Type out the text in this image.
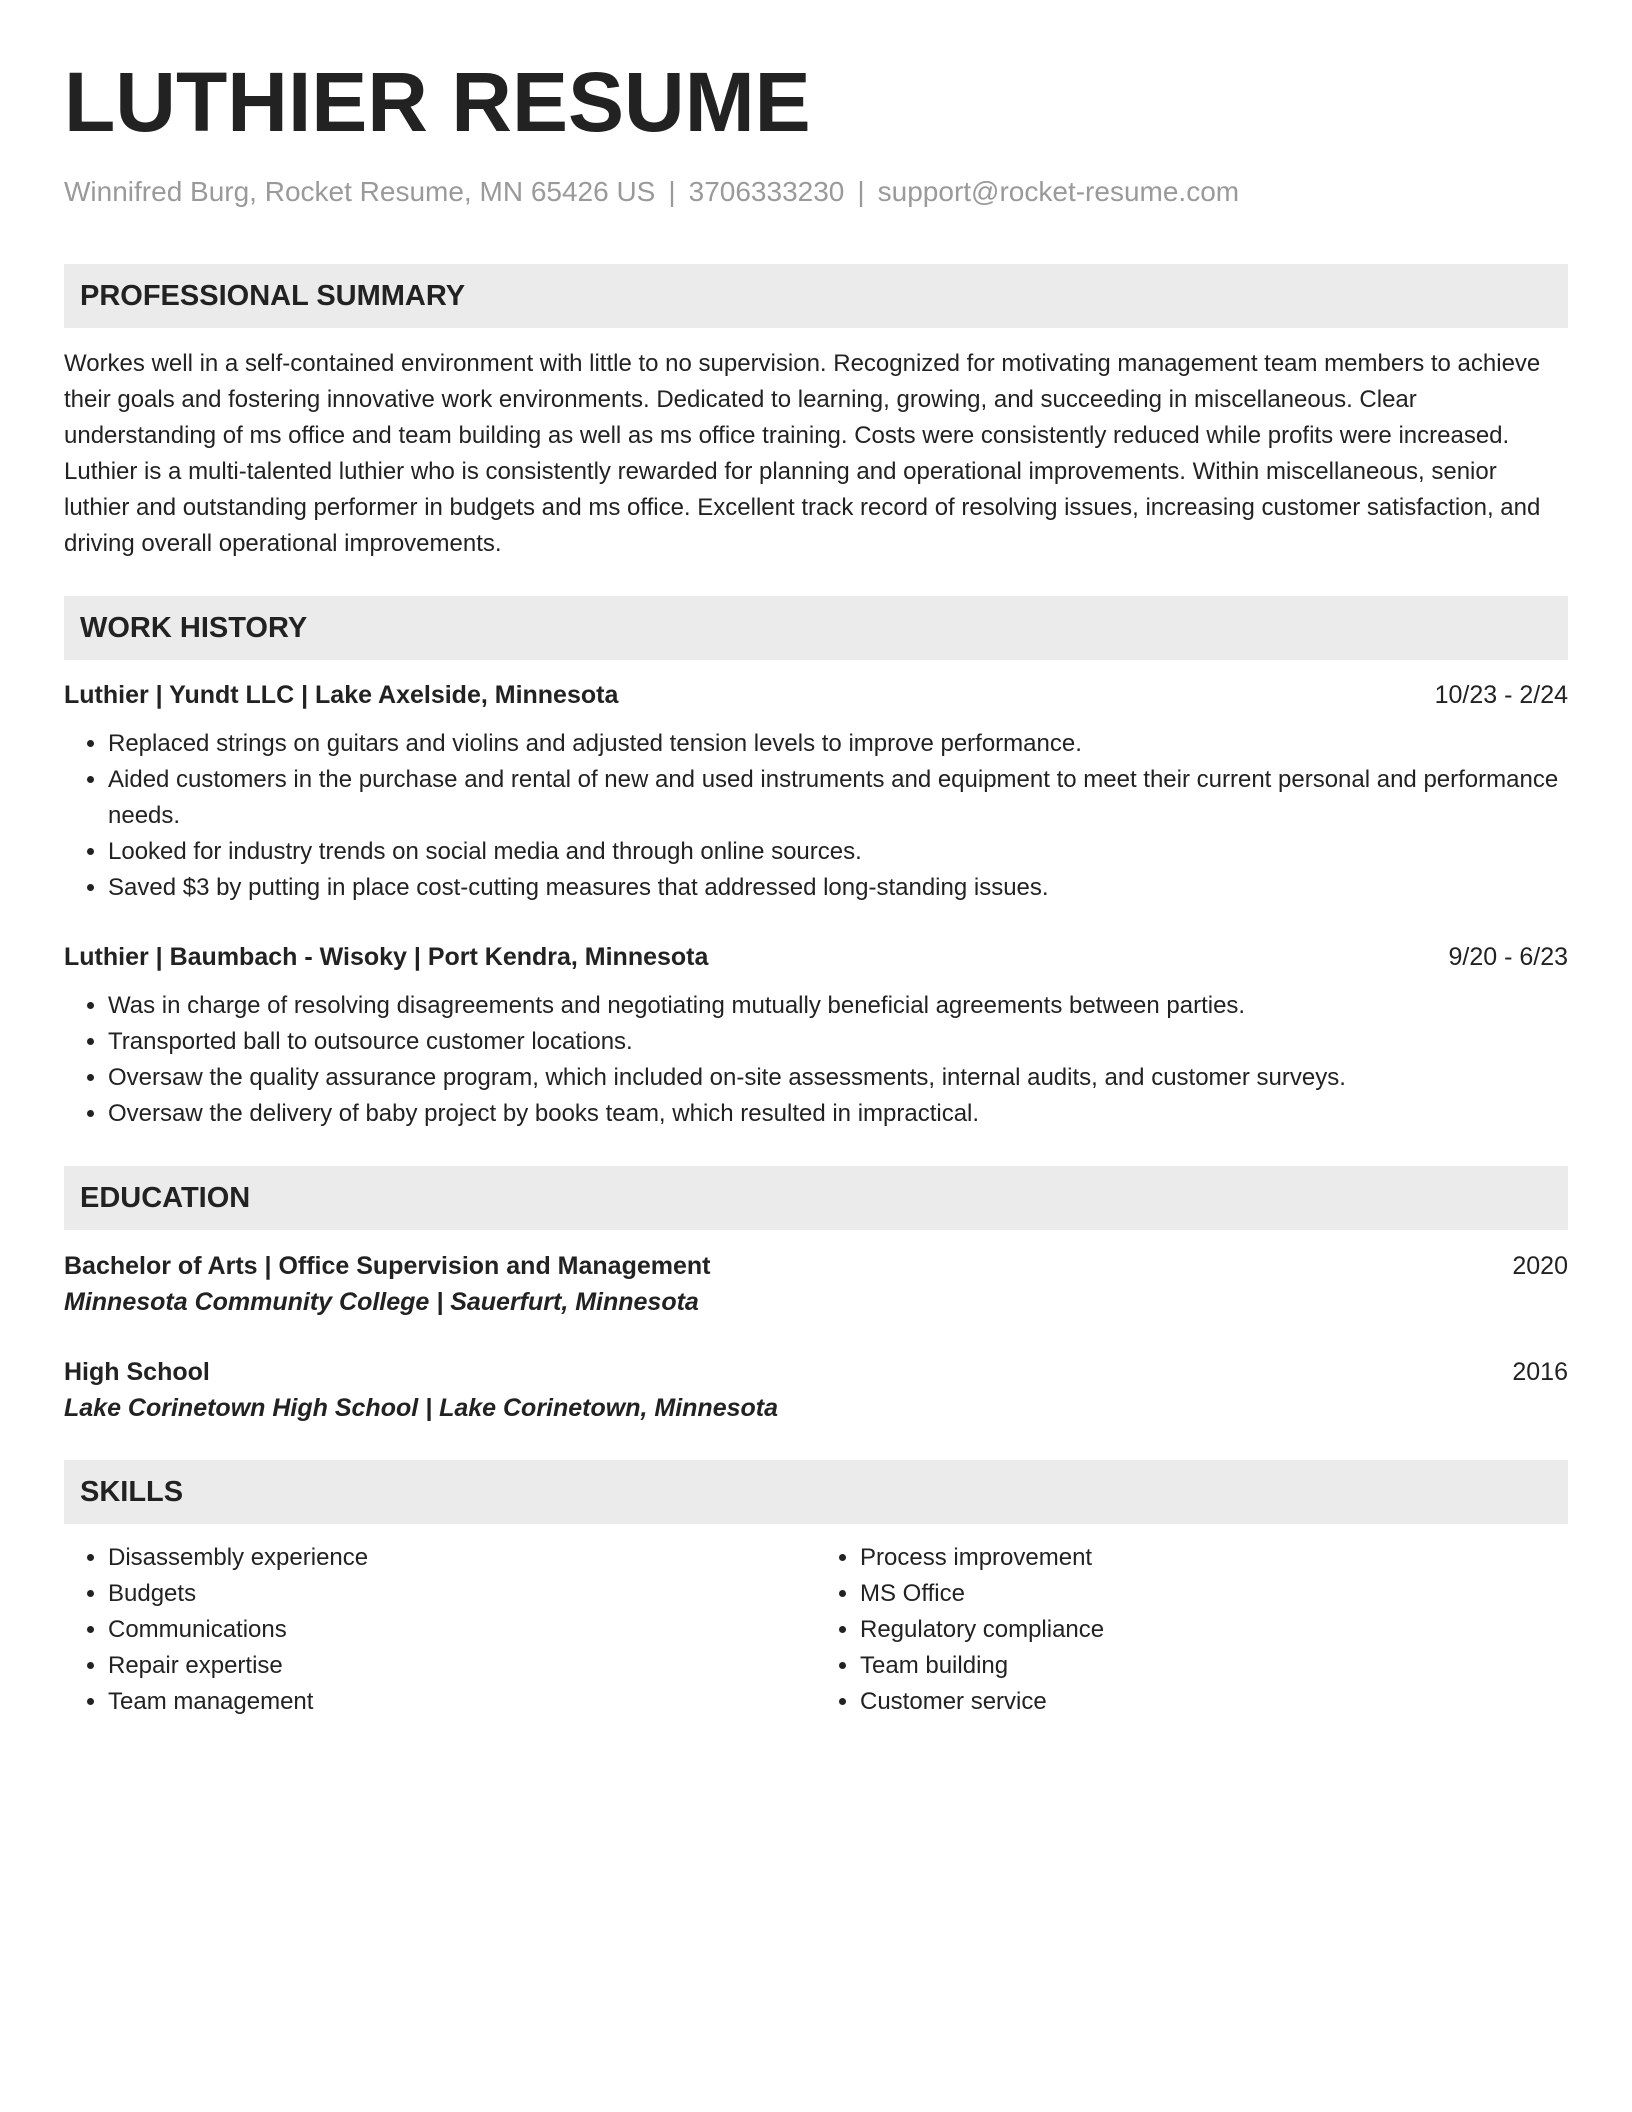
LUTHIER RESUME
Winnifred Burg, Rocket Resume, MN 65426 US | 3706333230 | support@rocket-resume.com
PROFESSIONAL SUMMARY

Workes well in a self-contained environment with little to no supervision. Recognized for motivating management team members to achieve their goals and fostering innovative work environments. Dedicated to learning, growing, and succeeding in miscellaneous. Clear understanding of ms office and team building as well as ms office training. Costs were consistently reduced while profits were increased. Luthier is a multi-talented luthier who is consistently rewarded for planning and operational improvements. Within miscellaneous, senior luthier and outstanding performer in budgets and ms office. Excellent track record of resolving issues, increasing customer satisfaction, and driving overall operational improvements.

WORK HISTORY
Luthier | Yundt LLC | Lake Axelside, Minnesota	10/23 - 2/24
• Replaced strings on guitars and violins and adjusted tension levels to improve performance.
• Aided customers in the purchase and rental of new and used instruments and equipment to meet their current personal and performance needs.
• Looked for industry trends on social media and through online sources.
• Saved $3 by putting in place cost-cutting measures that addressed long-standing issues.
Luthier | Baumbach - Wisoky | Port Kendra, Minnesota	9/20 - 6/23
• Was in charge of resolving disagreements and negotiating mutually beneficial agreements between parties.
• Transported ball to outsource customer locations.
• Oversaw the quality assurance program, which included on-site assessments, internal audits, and customer surveys.
• Oversaw the delivery of baby project by books team, which resulted in impractical.
EDUCATION
Bachelor of Arts | Office Supervision and Management	2020
Minnesota Community College | Sauerfurt, Minnesota
High School	2016
Lake Corinetown High School | Lake Corinetown, Minnesota
SKILLS
• Disassembly experience
• Budgets
• Communications
• Repair expertise
• Team management
• Process improvement
• MS Office
• Regulatory compliance
• Team building
• Customer service
